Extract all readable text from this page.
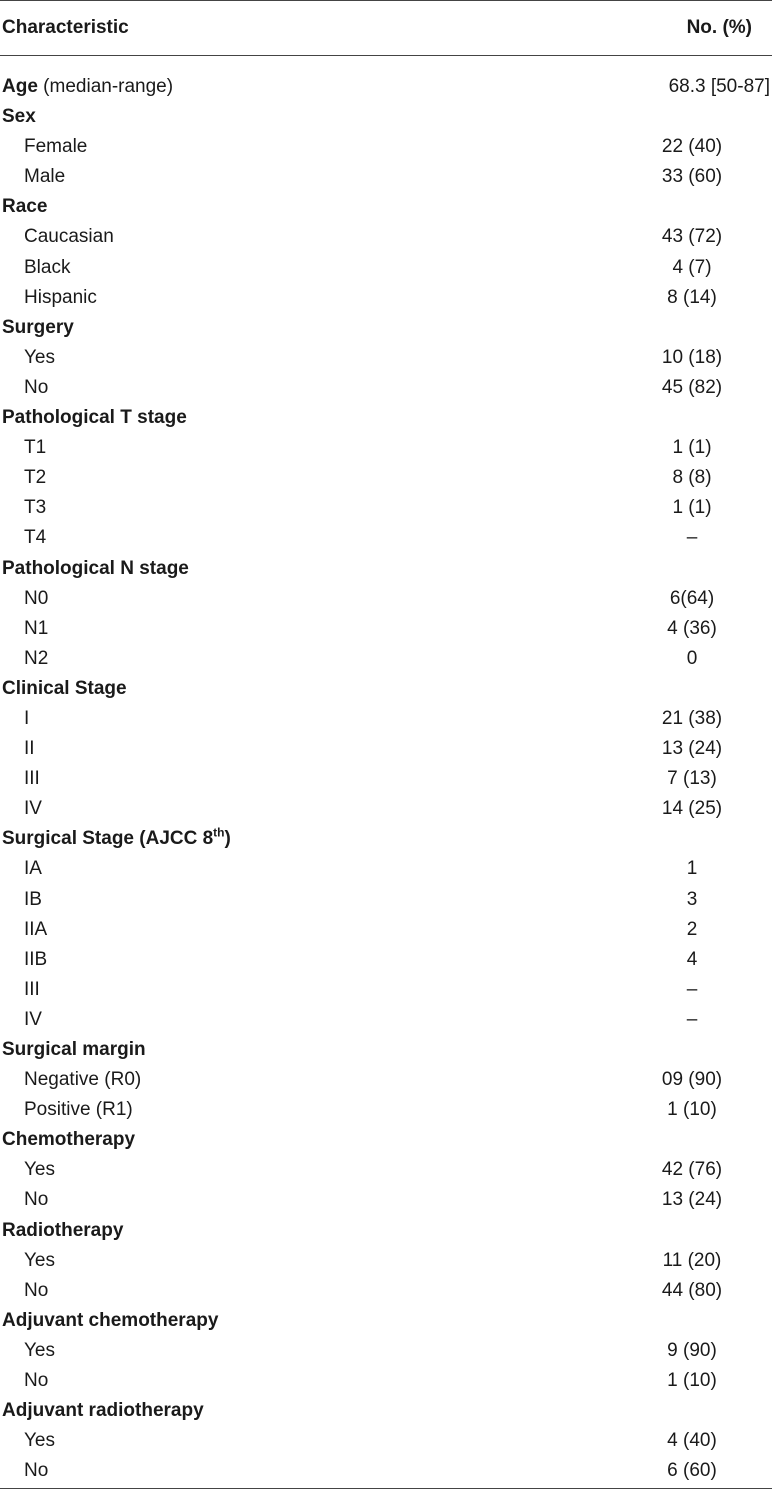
Characteristic	No. (%)
Age (median-range)	68.3 [50-87]
Sex
Female	22 (40)
Male	33 (60)
Race
Caucasian	43 (72)
Black	4 (7)
Hispanic	8 (14)
Surgery
Yes	10 (18)
No	45 (82)
Pathological T stage
T1	1 (1)
T2	8 (8)
T3	1 (1)
T4	–
Pathological N stage
N0	6(64)
N1	4 (36)
N2	0
Clinical Stage
I	21 (38)
II	13 (24)
III	7 (13)
IV	14 (25)
Surgical Stage (AJCC 8th)
IA	1
IB	3
IIA	2
IIB	4
III	–
IV	–
Surgical margin
Negative (R0)	09 (90)
Positive (R1)	1 (10)
Chemotherapy
Yes	42 (76)
No	13 (24)
Radiotherapy
Yes	11 (20)
No	44 (80)
Adjuvant chemotherapy
Yes	9 (90)
No	1 (10)
Adjuvant radiotherapy
Yes	4 (40)
No	6 (60)
